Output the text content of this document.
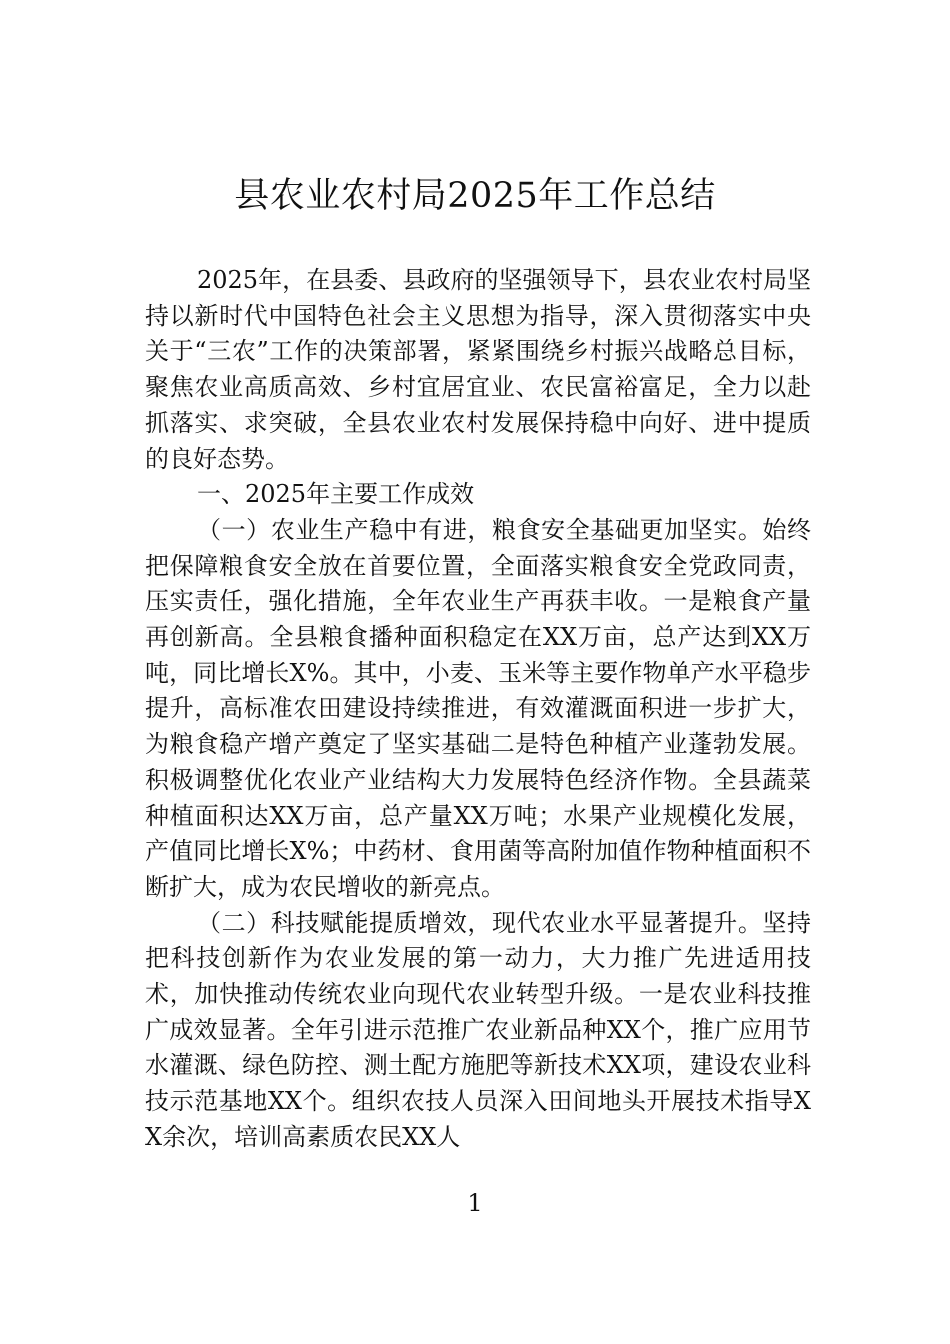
县农业农村局2025年工作总结

2025年，在县委、县政府的坚强领导下，县农业农村局坚持以新时代中国特色社会主义思想为指导，深入贯彻落实中央关于“三农”工作的决策部署，紧紧围绕乡村振兴战略总目标，聚焦农业高质高效、乡村宜居宜业、农民富裕富足，全力以赴抓落实、求突破，全县农业农村发展保持稳中向好、进中提质的良好态势。

一、2025年主要工作成效

（一）农业生产稳中有进，粮食安全基础更加坚实。始终把保障粮食安全放在首要位置，全面落实粮食安全党政同责，压实责任，强化措施，全年农业生产再获丰收。一是粮食产量再创新高。全县粮食播种面积稳定在XX万亩，总产达到XX万吨，同比增长X%。其中，小麦、玉米等主要作物单产水平稳步提升，高标准农田建设持续推进，有效灌溉面积进一步扩大，为粮食稳产增产奠定了坚实基础二是特色种植产业蓬勃发展。积极调整优化农业产业结构大力发展特色经济作物。全县蔬菜种植面积达XX万亩，总产量XX万吨；水果产业规模化发展，产值同比增长X%；中药材、食用菌等高附加值作物种植面积不断扩大，成为农民增收的新亮点。

（二）科技赋能提质增效，现代农业水平显著提升。坚持把科技创新作为农业发展的第一动力，大力推广先进适用技术，加快推动传统农业向现代农业转型升级。一是农业科技推广成效显著。全年引进示范推广农业新品种XX个，推广应用节水灌溉、绿色防控、测土配方施肥等新技术XX项，建设农业科技示范基地XX个。组织农技人员深入田间地头开展技术指导XX余次，培训高素质农民XX人

1
